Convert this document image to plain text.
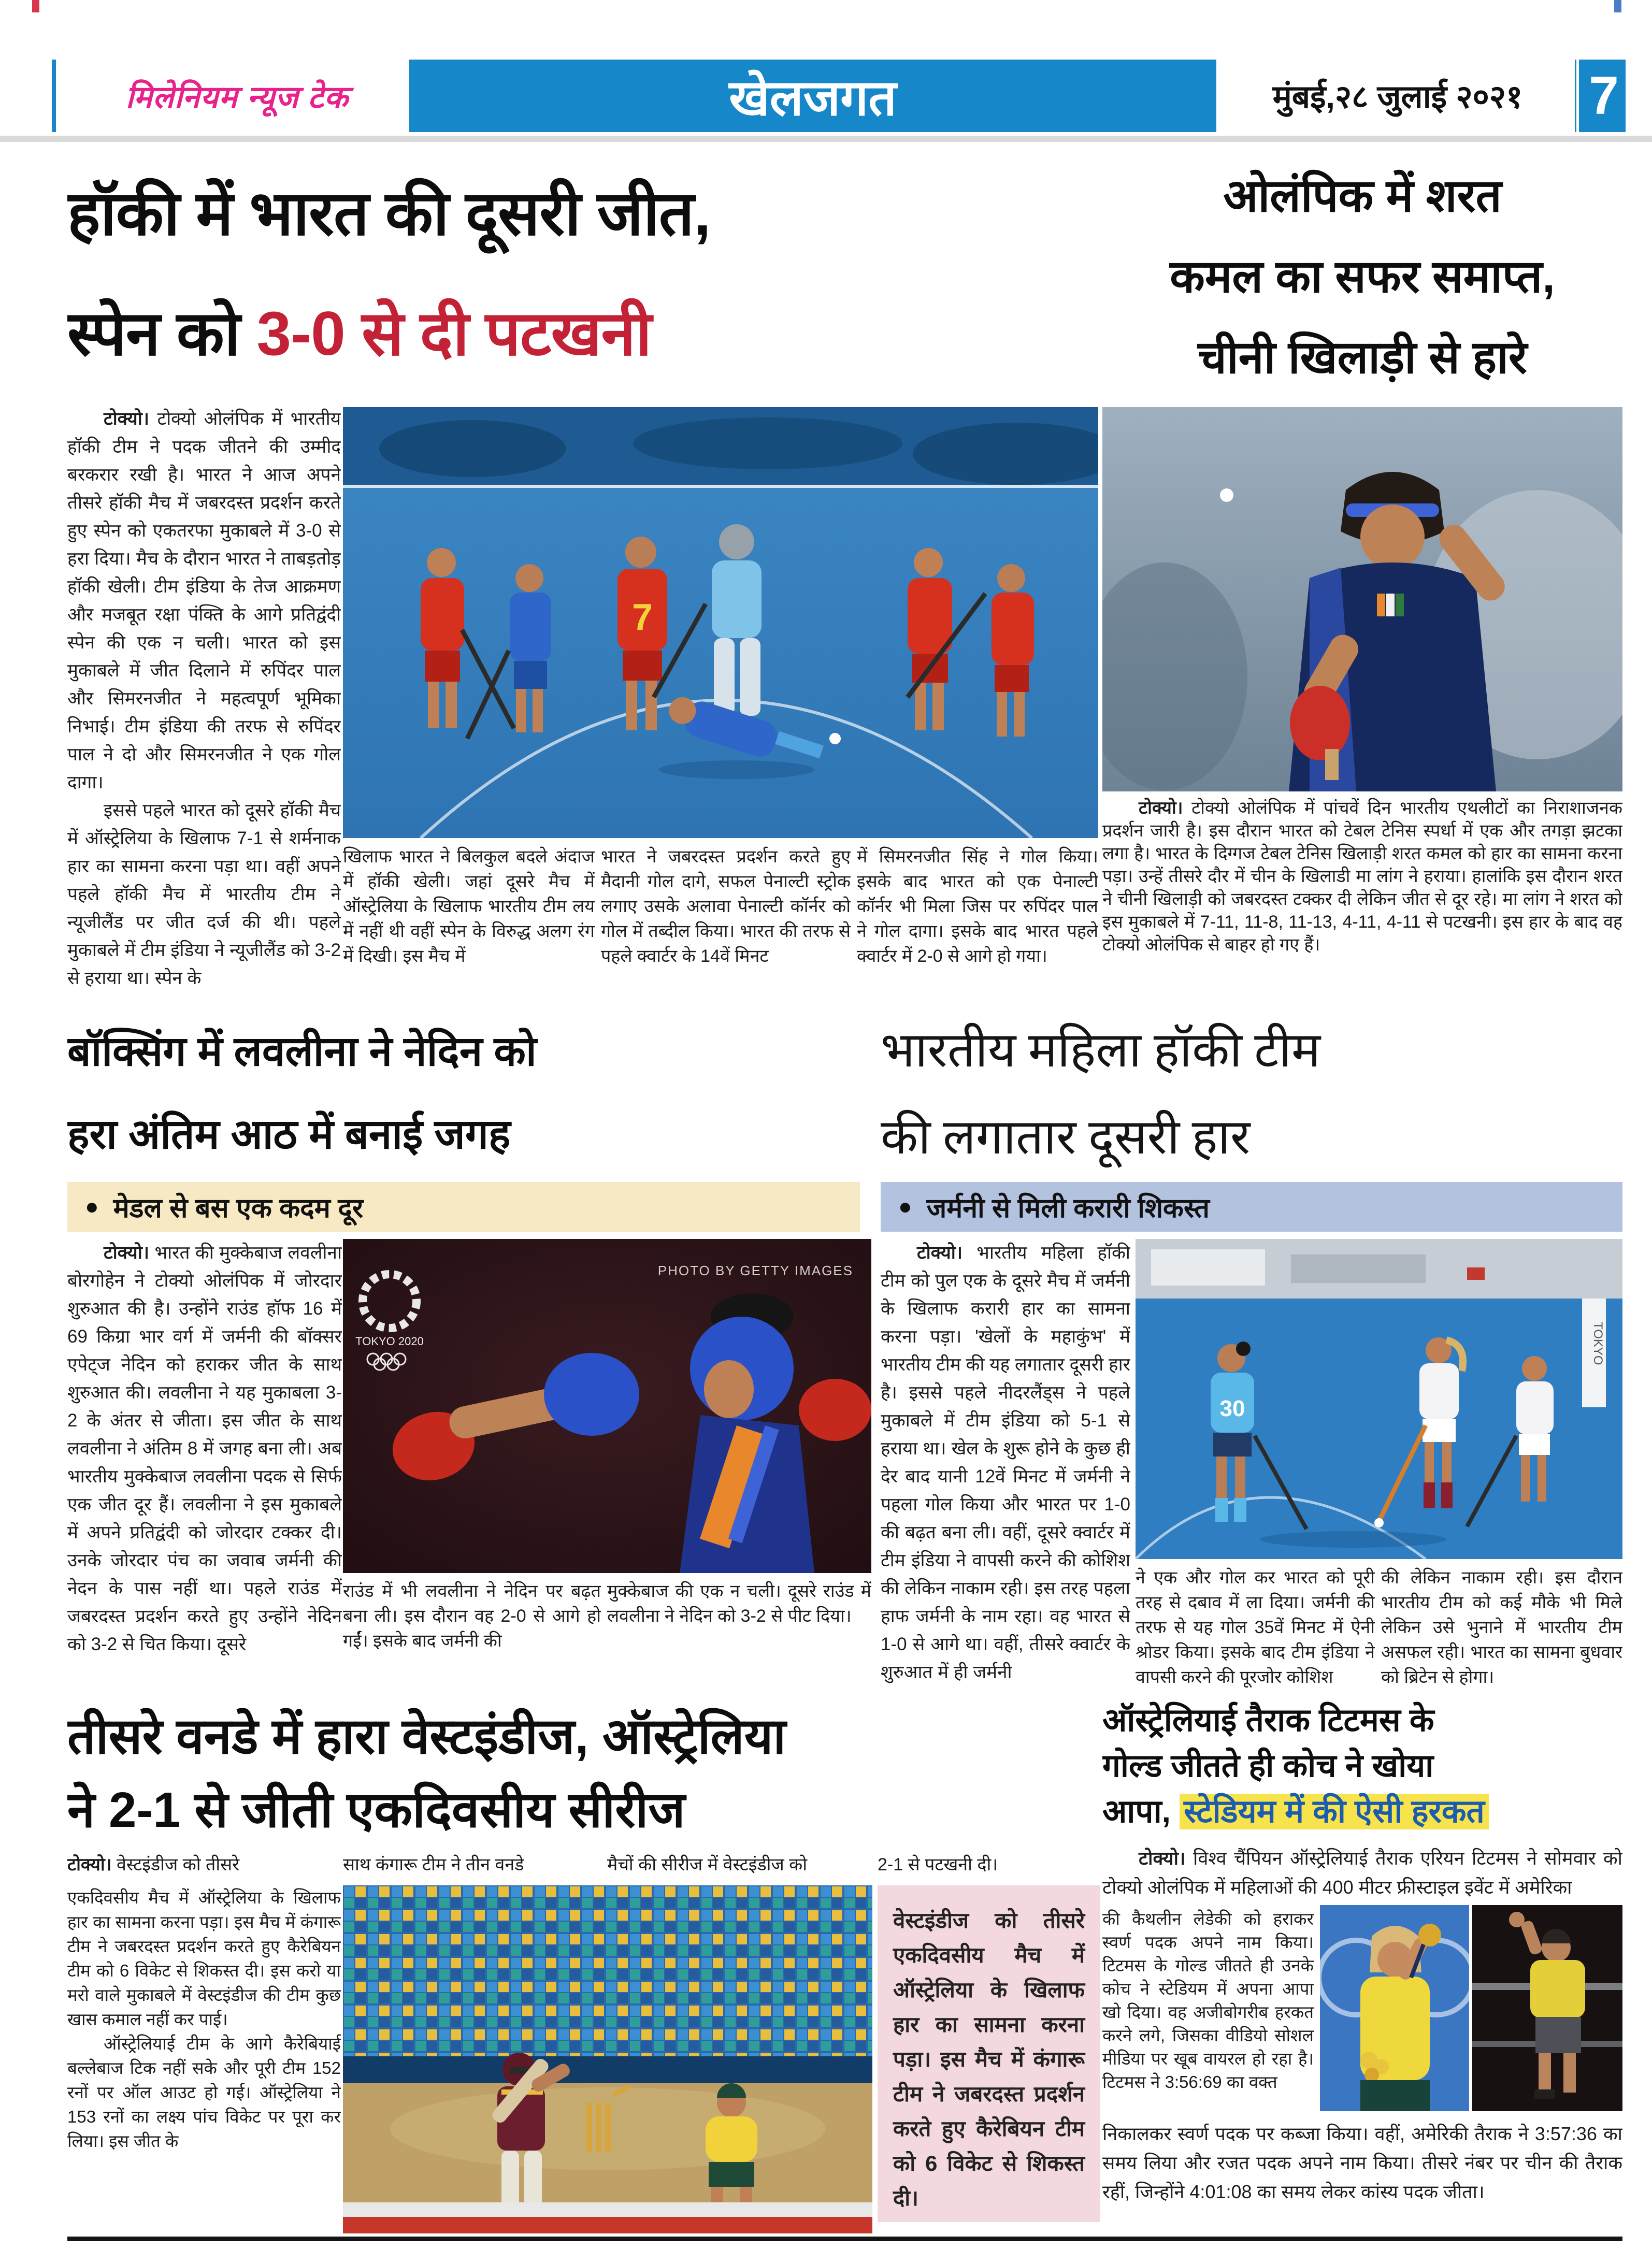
मिलेनियम न्यूज टेक	खेलजगत	मुंबई,२८ जुलाई २०२१	7
हॉकी में भारत की दूसरी जीत,
स्पेन को 3-0 से दी पटखनी

टोक्यो। टोक्यो ओलंपिक में भारतीय हॉकी टीम ने पदक जीतने की उम्मीद बरकरार रखी है। भारत ने आज अपने तीसरे हॉकी मैच में जबरदस्त प्रदर्शन करते हुए स्पेन को एकतरफा मुकाबले में 3-0 से हरा दिया। मैच के दौरान भारत ने ताबड़तोड़ हॉकी खेली। टीम इंडिया के तेज आक्रमण और मजबूत रक्षा पंक्ति के आगे प्रतिद्वंदी स्पेन की एक न चली। भारत को इस मुकाबले में जीत दिलाने में रुपिंदर पाल और सिमरनजीत ने महत्वपूर्ण भूमिका निभाई। टीम इंडिया की तरफ से रुपिंदर पाल ने दो और सिमरनजीत ने एक गोल दागा।

इससे पहले भारत को दूसरे हॉकी मैच में ऑस्ट्रेलिया के खिलाफ 7-1 से शर्मनाक हार का सामना करना पड़ा था। वहीं अपने पहले हॉकी मैच में भारतीय टीम ने न्यूजीलैंड पर जीत दर्ज की थी। पहले मुकाबले में टीम इंडिया ने न्यूजीलैंड को 3-2 से हराया था। स्पेन के

7
खिलाफ भारत ने बिलकुल बदले अंदाज में हॉकी खेली। जहां दूसरे मैच में ऑस्ट्रेलिया के खिलाफ भारतीय टीम लय में नहीं थी वहीं स्पेन के विरुद्ध अलग रंग में दिखी। इस मैच में
भारत ने जबरदस्त प्रदर्शन करते हुए मैदानी गोल दागे, सफल पेनाल्टी स्ट्रोक लगाए उसके अलावा पेनाल्टी कॉर्नर को गोल में तब्दील किया। भारत की तरफ से पहले क्वार्टर के 14वें मिनट
में सिमरनजीत सिंह ने गोल किया। इसके बाद भारत को एक पेनाल्टी कॉर्नर भी मिला जिस पर रुपिंदर पाल ने गोल दागा। इसके बाद भारत पहले क्वार्टर में 2-0 से आगे हो गया।
ओलंपिक में शरत
कमल का सफर समाप्त,
चीनी खिलाड़ी से हारे

टोक्यो। टोक्यो ओलंपिक में पांचवें दिन भारतीय एथलीटों का निराशाजनक प्रदर्शन जारी है। इस दौरान भारत को टेबल टेनिस स्पर्धा में एक और तगड़ा झटका लगा है। भारत के दिग्गज टेबल टेनिस खिलाड़ी शरत कमल को हार का सामना करना पड़ा। उन्हें तीसरे दौर में चीन के खिलाडी मा लांग ने हराया। हालांकि इस दौरान शरत ने चीनी खिलाड़ी को जबरदस्त टक्कर दी लेकिन जीत से दूर रहे। मा लांग ने शरत को इस मुकाबले में 7-11, 11-8, 11-13, 4-11, 4-11 से पटखनी। इस हार के बाद वह टोक्यो ओलंपिक से बाहर हो गए हैं।

बॉक्सिंग में लवलीना ने नेदिन को
हरा अंतिम आठ में बनाई जगह
● मेडल से बस एक कदम दूर

टोक्यो। भारत की मुक्केबाज लवलीना बोरगोहेन ने टोक्यो ओलंपिक में जोरदार शुरुआत की है। उन्होंने राउंड हॉफ 16 में 69 किग्रा भार वर्ग में जर्मनी की बॉक्सर एपेट्ज नेदिन को हराकर जीत के साथ शुरुआत की। लवलीना ने यह मुकाबला 3-2 के अंतर से जीता। इस जीत के साथ लवलीना ने अंतिम 8 में जगह बना ली। अब भारतीय मुक्केबाज लवलीना पदक से सिर्फ एक जीत दूर हैं। लवलीना ने इस मुकाबले में अपने प्रतिद्वंदी को जोरदार टक्कर दी। उनके जोरदार पंच का जवाब जर्मनी की नेदन के पास नहीं था। पहले राउंड में जबरदस्त प्रदर्शन करते हुए उन्होंने नेदिन को 3-2 से चित किया। दूसरे

TOKYO 2020
PHOTO BY GETTY IMAGES
राउंड में भी लवलीना ने नेदिन पर बढ़त बना ली। इस दौरान वह 2-0 से आगे हो गईं। इसके बाद जर्मनी की
मुक्केबाज की एक न चली। दूसरे राउंड में लवलीना ने नेदिन को 3-2 से पीट दिया।
भारतीय महिला हॉकी टीम
की लगातार दूसरी हार
● जर्मनी से मिली करारी शिकस्त

टोक्यो। भारतीय महिला हॉकी टीम को पुल एक के दूसरे मैच में जर्मनी के खिलाफ करारी हार का सामना करना पड़ा। 'खेलों के महाकुंभ' में भारतीय टीम की यह लगातार दूसरी हार है। इससे पहले नीदरलैंड्स ने पहले मुकाबले में टीम इंडिया को 5-1 से हराया था। खेल के शुरू होने के कुछ ही देर बाद यानी 12वें मिनट में जर्मनी ने पहला गोल किया और भारत पर 1-0 की बढ़त बना ली। वहीं, दूसरे क्वार्टर में टीम इंडिया ने वापसी करने की कोशिश की लेकिन नाकाम रही। इस तरह पहला हाफ जर्मनी के नाम रहा। वह भारत से 1-0 से आगे था। वहीं, तीसरे क्वार्टर के शुरुआत में ही जर्मनी

TOKYO
30
ने एक और गोल कर भारत को पूरी तरह से दबाव में ला दिया। जर्मनी की तरफ से यह गोल 35वें मिनट में ऐनी श्रोडर किया। इसके बाद टीम इंडिया ने वापसी करने की पूरजोर कोशिश
की लेकिन नाकाम रही। इस दौरान भारतीय टीम को कई मौके भी मिले लेकिन उसे भुनाने में भारतीय टीम असफल रही। भारत का सामना बुधवार को ब्रिटेन से होगा।
तीसरे वनडे में हारा वेस्टइंडीज, ऑस्ट्रेलिया
ने 2-1 से जीती एकदिवसीय सीरीज
टोक्यो। वेस्टइंडीज को तीसरे	साथ कंगारू टीम ने तीन वनडे	मैचों की सीरीज में वेस्टइंडीज को	2-1 से पटखनी दी।

एकदिवसीय मैच में ऑस्ट्रेलिया के खिलाफ हार का सामना करना पड़ा। इस मैच में कंगारू टीम ने जबरदस्त प्रदर्शन करते हुए कैरेबियन टीम को 6 विकेट से शिकस्त दी। इस करो या मरो वाले मुकाबले में वेस्टइंडीज की टीम कुछ खास कमाल नहीं कर पाई।

ऑस्ट्रेलियाई टीम के आगे कैरेबियाई बल्लेबाज टिक नहीं सके और पूरी टीम 152 रनों पर ऑल आउट हो गई। ऑस्ट्रेलिया ने 153 रनों का लक्ष्य पांच विकेट पर पूरा कर लिया। इस जीत के

वेस्टइंडीज को तीसरे एकदिवसीय मैच में ऑस्ट्रेलिया के खिलाफ हार का सामना करना पड़ा। इस मैच में कंगारू टीम ने जबरदस्त प्रदर्शन करते हुए कैरेबियन टीम को 6 विकेट से शिकस्त दी।
ऑस्ट्रेलियाई तैराक टिटमस के
गोल्ड जीतते ही कोच ने खोया
आपा, स्टेडियम में की ऐसी हरकत

टोक्यो। विश्व चैंपियन ऑस्ट्रेलियाई तैराक एरियन टिटमस ने सोमवार को टोक्यो ओलंपिक में महिलाओं की 400 मीटर फ्रीस्टाइल इवेंट में अमेरिका

की कैथलीन लेडेकी को हराकर स्वर्ण पदक अपने नाम किया। टिटमस के गोल्ड जीतते ही उनके कोच ने स्टेडियम में अपना आपा खो दिया। वह अजीबोगरीब हरकत करने लगे, जिसका वीडियो सोशल मीडिया पर खूब वायरल हो रहा है। टिटमस ने 3:56:69 का वक्त

निकालकर स्वर्ण पदक पर कब्जा किया। वहीं, अमेरिकी तैराक ने 3:57:36 का समय लिया और रजत पदक अपने नाम किया। तीसरे नंबर पर चीन की तैराक रहीं, जिन्होंने 4:01:08 का समय लेकर कांस्य पदक जीता।
